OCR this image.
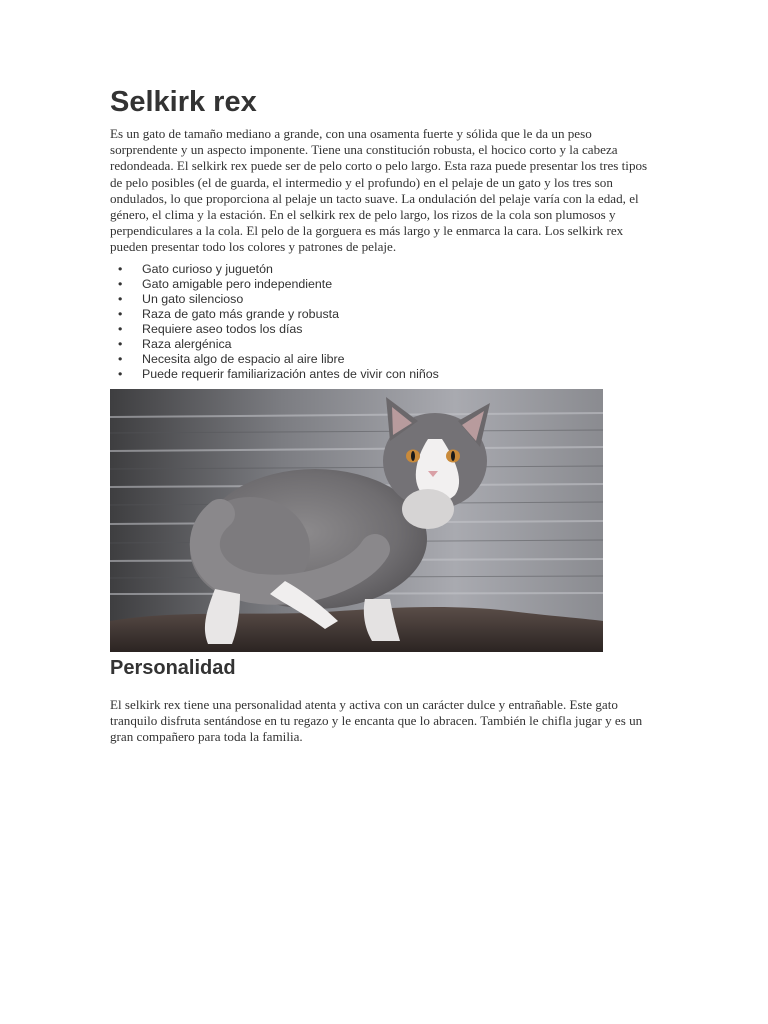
Selkirk rex

Es un gato de tamaño mediano a grande, con una osamenta fuerte y sólida que le da un peso sorprendente y un aspecto imponente. Tiene una constitución robusta, el hocico corto y la cabeza redondeada. El selkirk rex puede ser de pelo corto o pelo largo. Esta raza puede presentar los tres tipos de pelo posibles (el de guarda, el intermedio y el profundo) en el pelaje de un gato y los tres son ondulados, lo que proporciona al pelaje un tacto suave. La ondulación del pelaje varía con la edad, el género, el clima y la estación. En el selkirk rex de pelo largo, los rizos de la cola son plumosos y perpendiculares a la cola. El pelo de la gorguera es más largo y le enmarca la cara. Los selkirk rex pueden presentar todo los colores y patrones de pelaje.

• Gato curioso y juguetón
• Gato amigable pero independiente
• Un gato silencioso
• Raza de gato más grande y robusta
• Requiere aseo todos los días
• Raza alergénica
• Necesita algo de espacio al aire libre
• Puede requerir familiarización antes de vivir con niños
Personalidad

El selkirk rex tiene una personalidad atenta y activa con un carácter dulce y entrañable. Este gato tranquilo disfruta sentándose en tu regazo y le encanta que lo abracen. También le chifla jugar y es un gran compañero para toda la familia.
